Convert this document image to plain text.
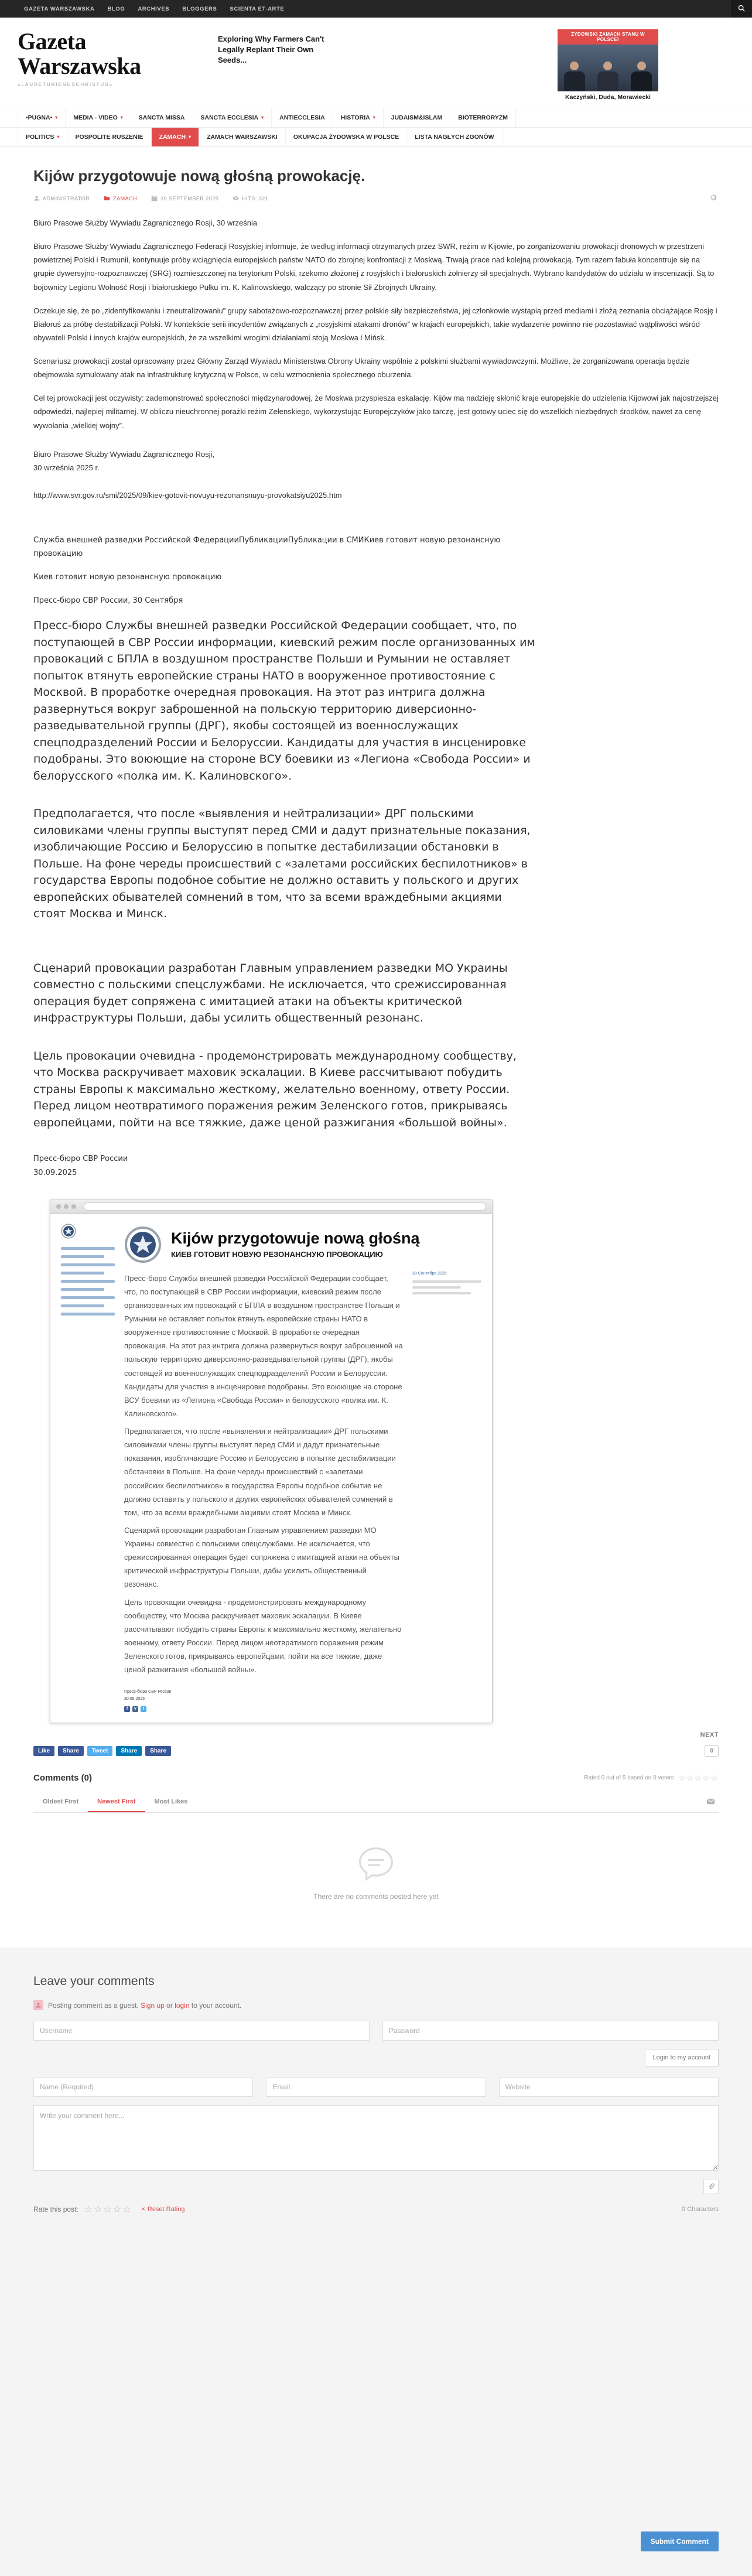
GAZETA WARSZAWSKA	BLOG	ARCHIVES	BLOGGERS	SCIENTA ET-ARTE
Gazeta Warszawska
«LAUDETURIESUSCHRISTUS»
Exploring Why Farmers Can't Legally Replant Their Own Seeds...
ŻYDOWSKI ZAMACH STANU W POLSCE!
Kaczyński, Duda, Morawiecki
•PUGNA• ▾	MEDIA - VIDEO ▾	SANCTA MISSA	SANCTA ECCLESIA ▾	ANTIECCLESIA	HISTORIA ▾	JUDAISM&ISLAM	BIOTERRORYZM
POLITICS ▾	POSPOLITE RUSZENIE	ZAMACH ▾	ZAMACH WARSZAWSKI	OKUPACJA ŻYDOWSKA W POLSCE	LISTA NAGŁYCH ZGONÓW
Kijów przygotowuje nową głośną prowokację.
ADMINISTRATOR	ZAMACH	30 SEPTEMBER 2025	HITS: 321

Biuro Prasowe Służby Wywiadu Zagranicznego Rosji, 30 września

Biuro Prasowe Służby Wywiadu Zagranicznego Federacji Rosyjskiej informuje, że według informacji otrzymanych przez SWR, reżim w Kijowie, po zorganizowaniu prowokacji dronowych w przestrzeni powietrznej Polski i Rumunii, kontynuuje próby wciągnięcia europejskich państw NATO do zbrojnej konfrontacji z Moskwą. Trwają prace nad kolejną prowokacją. Tym razem fabuła koncentruje się na grupie dywersyjno-rozpoznawczej (SRG) rozmieszczonej na terytorium Polski, rzekomo złożonej z rosyjskich i białoruskich żołnierzy sił specjalnych. Wybrano kandydatów do udziału w inscenizacji. Są to bojownicy Legionu Wolność Rosji i białoruskiego Pułku im. K. Kalinowskiego, walczący po stronie Sił Zbrojnych Ukrainy.

Oczekuje się, że po „zidentyfikowaniu i zneutralizowaniu” grupy sabotażowo-rozpoznawczej przez polskie siły bezpieczeństwa, jej członkowie wystąpią przed mediami i złożą zeznania obciążające Rosję i Białoruś za próbę destabilizacji Polski. W kontekście serii incydentów związanych z „rosyjskimi atakami dronów” w krajach europejskich, takie wydarzenie powinno nie pozostawiać wątpliwości wśród obywateli Polski i innych krajów europejskich, że za wszelkimi wrogimi działaniami stoją Moskwa i Mińsk.

Scenariusz prowokacji został opracowany przez Główny Zarząd Wywiadu Ministerstwa Obrony Ukrainy wspólnie z polskimi służbami wywiadowczymi. Możliwe, że zorganizowana operacja będzie obejmowała symulowany atak na infrastrukturę krytyczną w Polsce, w celu wzmocnienia społecznego oburzenia.

Cel tej prowokacji jest oczywisty: zademonstrować społeczności międzynarodowej, że Moskwa przyspiesza eskalację. Kijów ma nadzieję skłonić kraje europejskie do udzielenia Kijowowi jak najostrzejszej odpowiedzi, najlepiej militarnej. W obliczu nieuchronnej porażki reżim Zełenskiego, wykorzystując Europejczyków jako tarczę, jest gotowy uciec się do wszelkich niezbędnych środków, nawet za cenę wywołania „wielkiej wojny”.

Biuro Prasowe Służby Wywiadu Zagranicznego Rosji,

30 września 2025 r.

http://www.svr.gov.ru/smi/2025/09/kiev-gotovit-novuyu-rezonansnuyu-provokatsiyu2025.htm

Служба внешней разведки Российской ФедерацииПубликацииПубликации в СМИКиев готовит новую резонансную провокацию

Киев готовит новую резонансную провокацию

Пресс-бюро СВР России, 30 Сентября

Пресс-бюро Службы внешней разведки Российской Федерации сообщает, что, по поступающей в СВР России информации, киевский режим после организованных им провокаций с БПЛА в воздушном пространстве Польши и Румынии не оставляет попыток втянуть европейские страны НАТО в вооруженное противостояние с Москвой. В проработке очередная провокация. На этот раз интрига должна развернуться вокруг заброшенной на польскую территорию диверсионно-разведывательной группы (ДРГ), якобы состоящей из военнослужащих спецподразделений России и Белоруссии. Кандидаты для участия в инсценировке подобраны. Это воюющие на стороне ВСУ боевики из «Легиона «Свобода России» и белорусского «полка им. К. Калиновского».

Предполагается, что после «выявления и нейтрализации» ДРГ польскими силовиками члены группы выступят перед СМИ и дадут признательные показания, изобличающие Россию и Белоруссию в попытке дестабилизации обстановки в Польше. На фоне череды происшествий с «залетами российских беспилотников» в государства Европы подобное событие не должно оставить у польского и других европейских обывателей сомнений в том, что за всеми враждебными акциями стоят Москва и Минск.

Сценарий провокации разработан Главным управлением разведки МО Украины совместно с польскими спецслужбами. Не исключается, что срежиссированная операция будет сопряжена с имитацией атаки на объекты критической инфраструктуры Польши, дабы усилить общественный резонанс.

Цель провокации очевидна - продемонстрировать международному сообществу, что Москва раскручивает маховик эскалации. В Киеве рассчитывают побудить страны Европы к максимально жесткому, желательно военному, ответу России. Перед лицом неотвратимого поражения режим Зеленского готов, прикрываясь европейцами, пойти на все тяжкие, даже ценой разжигания «большой войны».

Пресс-бюро СВР России

30.09.2025

Kijów przygotowuje nową głośną
КИЕВ ГОТОВИТ НОВУЮ РЕЗОНАНСНУЮ ПРОВОКАЦИЮ

Пресс-бюро Службы внешней разведки Российской Федерации сообщает, что, по поступающей в СВР России информации, киевский режим после организованных им провокаций с БПЛА в воздушном пространстве Польши и Румынии не оставляет попыток втянуть европейские страны НАТО в вооруженное противостояние с Москвой. В проработке очередная провокация. На этот раз интрига должна развернуться вокруг заброшенной на польскую территорию диверсионно-разведывательной группы (ДРГ), якобы состоящей из военнослужащих спецподразделений России и Белоруссии. Кандидаты для участия в инсценировке подобраны. Это воюющие на стороне ВСУ боевики из «Легиона «Свобода России» и белорусского «полка им. К. Калиновского».

Предполагается, что после «выявления и нейтрализации» ДРГ польскими силовиками члены группы выступят перед СМИ и дадут признательные показания, изобличающие Россию и Белоруссию в попытке дестабилизации обстановки в Польше. На фоне череды происшествий с «залетами российских беспилотников» в государства Европы подобное событие не должно оставить у польского и других европейских обывателей сомнений в том, что за всеми враждебными акциями стоят Москва и Минск.

Сценарий провокации разработан Главным управлением разведки МО Украины совместно с польскими спецслужбами. Не исключается, что срежиссированная операция будет сопряжена с имитацией атаки на объекты критической инфраструктуры Польши, дабы усилить общественный резонанс.

Цель провокации очевидна - продемонстрировать международному сообществу, что Москва раскручивает маховик эскалации. В Киеве рассчитывают побудить страны Европы к максимально жесткому, желательно военному, ответу России. Перед лицом неотвратимого поражения режим Зеленского готов, прикрываясь европейцами, пойти на все тяжкие, даже ценой разжигания «большой войны».

30 Сентября 2025
Пресс-бюро СВР России
30.09.2025
f	v	t
NEXT
Like	Share	Tweet	Share	Share	0
Comments (0)	Rated 0 out of 5 based on 0 voters ☆☆☆☆☆
Oldest First	Newest First	Most Likes
There are no comments posted here yet
Leave your comments
Posting comment as a guest. Sign up or login to your account.
Username
Login to my account
Name (Required)
Email
Website
Write your comment here...
Rate this post: ☆☆☆☆☆ × Reset Rating	0 Characters
Submit Comment
